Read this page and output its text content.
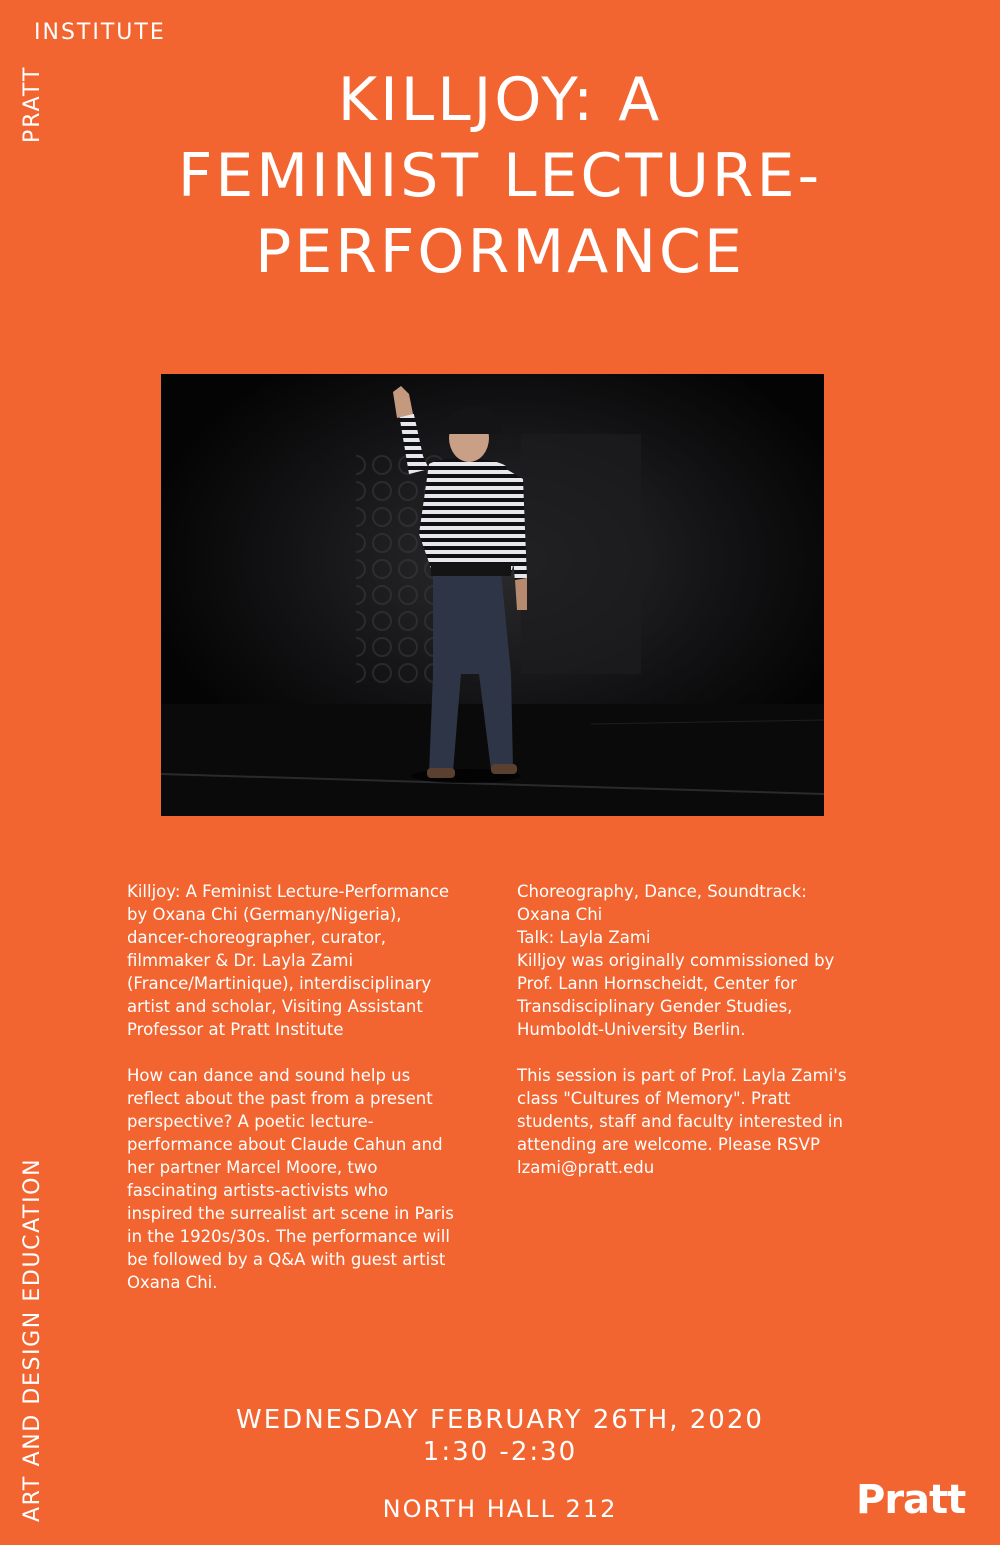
PRATT
INSTITUTE
ART AND DESIGN EDUCATION
KILLJOY: A
FEMINIST LECTURE-
PERFORMANCE

Killjoy: A Feminist Lecture-Performance
by Oxana Chi (Germany/Nigeria),
dancer-choreographer, curator,
filmmaker & Dr. Layla Zami
(France/Martinique), interdisciplinary
artist and scholar, Visiting Assistant
Professor at Pratt Institute

How can dance and sound help us
reflect about the past from a present
perspective? A poetic lecture-
performance about Claude Cahun and
her partner Marcel Moore, two
fascinating artists-activists who
inspired the surrealist art scene in Paris
in the 1920s/30s. The performance will
be followed by a Q&A with guest artist
Oxana Chi.

Choreography, Dance, Soundtrack:
Oxana Chi
Talk: Layla Zami
Killjoy was originally commissioned by
Prof. Lann Hornscheidt, Center for
Transdisciplinary Gender Studies,
Humboldt-University Berlin.

This session is part of Prof. Layla Zami's
class "Cultures of Memory". Pratt
students, staff and faculty interested in
attending are welcome. Please RSVP
lzami@pratt.edu

WEDNESDAY FEBRUARY 26TH, 2020
1:30 -2:30
NORTH HALL 212	Pratt
